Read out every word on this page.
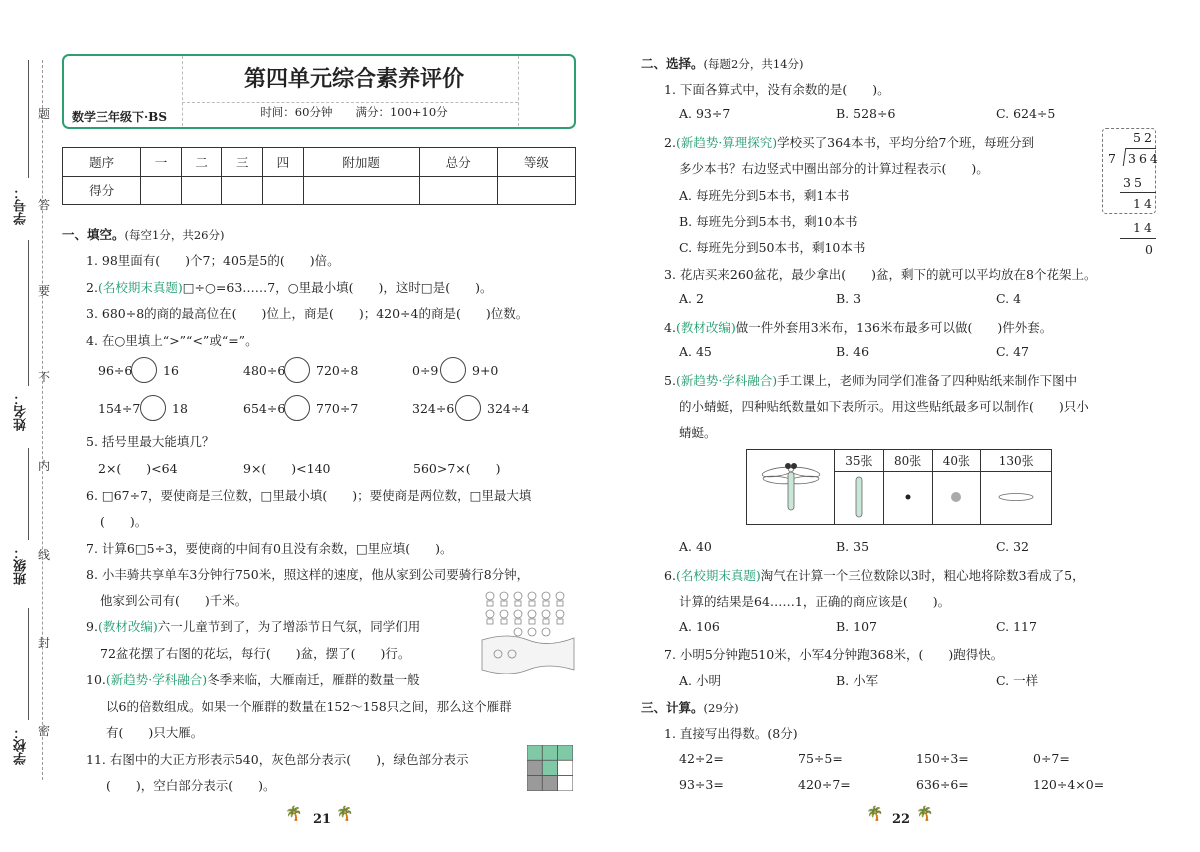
题
答
要
不
内
线
封
密
学号：
姓名：
班级：
学校：
第四单元综合素养评价
数学三年级下·BS	时间：60分钟　　满分：100+10分
题序	一	二	三	四	附加题	总分	等级
得分							
一、填空。(每空1分，共26分)
1. 98里面有(　　)个7；405是5的(　　)倍。
2.(名校期末真题)□÷○=63……7，○里最小填(　　)，这时□是(　　)。
3. 680÷8的商的最高位在(　　)位上，商是(　　)；420÷4的商是(　　)位数。
4. 在○里填上“>”“<”或“=”。
96÷6 16	480÷6 720÷8	0÷9	9+0
154÷7	18	654÷6 770÷7	324÷6	324÷4
5. 括号里最大能填几？
2×(　　)<64	9×(　　)<140	560>7×(　　)
6. □67÷7，要使商是三位数，□里最小填(　　)；要使商是两位数，□里最大填
(　　)。
7. 计算6□5÷3，要使商的中间有0且没有余数，□里应填(　　)。
8. 小丰骑共享单车3分钟行750米，照这样的速度，他从家到公司要骑行8分钟，
他家到公司有(　　)千米。
9.(教材改编)六一儿童节到了，为了增添节日气氛，同学们用
72盆花摆了右图的花坛，每行(　　)盆，摆了(　　)行。
10.(新趋势·学科融合)冬季来临，大雁南迁，雁群的数量一般
以6的倍数组成。如果一个雁群的数量在152～158只之间，那么这个雁群
有(　　)只大雁。
11. 右图中的大正方形表示540，灰色部分表示(　　)，绿色部分表示
(　　)，空白部分表示(　　)。
🌴 21 🌴
二、选择。(每题2分，共14分)
1. 下面各算式中，没有余数的是(　　)。
A. 93÷7	B. 528÷6	C. 624÷5
2.(新趋势·算理探究)学校买了364本书，平均分给7个班，每班分到
多少本书？右边竖式中圈出部分的计算过程表示(　　)。
A. 每班先分到5本书，剩1本书
B. 每班先分到5本书，剩10本书
C. 每班先分到50本书，剩10本书
52
7 364
35
14
14
0
3. 花店买来260盆花，最少拿出(　　)盆，剩下的就可以平均放在8个花架上。
A. 2	B. 3	C. 4
4.(教材改编)做一件外套用3米布，136米布最多可以做(　　)件外套。
A. 45	B. 46	C. 47
5.(新趋势·学科融合)手工课上，老师为同学们准备了四种贴纸来制作下图中
的小蜻蜓，四种贴纸数量如下表所示。用这些贴纸最多可以制作(　　)只小
蜻蜓。
	35张	80张	40张	130张

A. 40	B. 35	C. 32
6.(名校期末真题)淘气在计算一个三位数除以3时，粗心地将除数3看成了5，
计算的结果是64……1，正确的商应该是(　　)。
A. 106	B. 107	C. 117
7. 小明5分钟跑510米，小军4分钟跑368米，(　　)跑得快。
A. 小明	B. 小军	C. 一样
三、计算。(29分)
1. 直接写出得数。(8分)
42÷2=	75÷5=	150÷3=	0÷7=
93÷3=	420÷7=	636÷6=	120÷4×0=
🌴 22 🌴
